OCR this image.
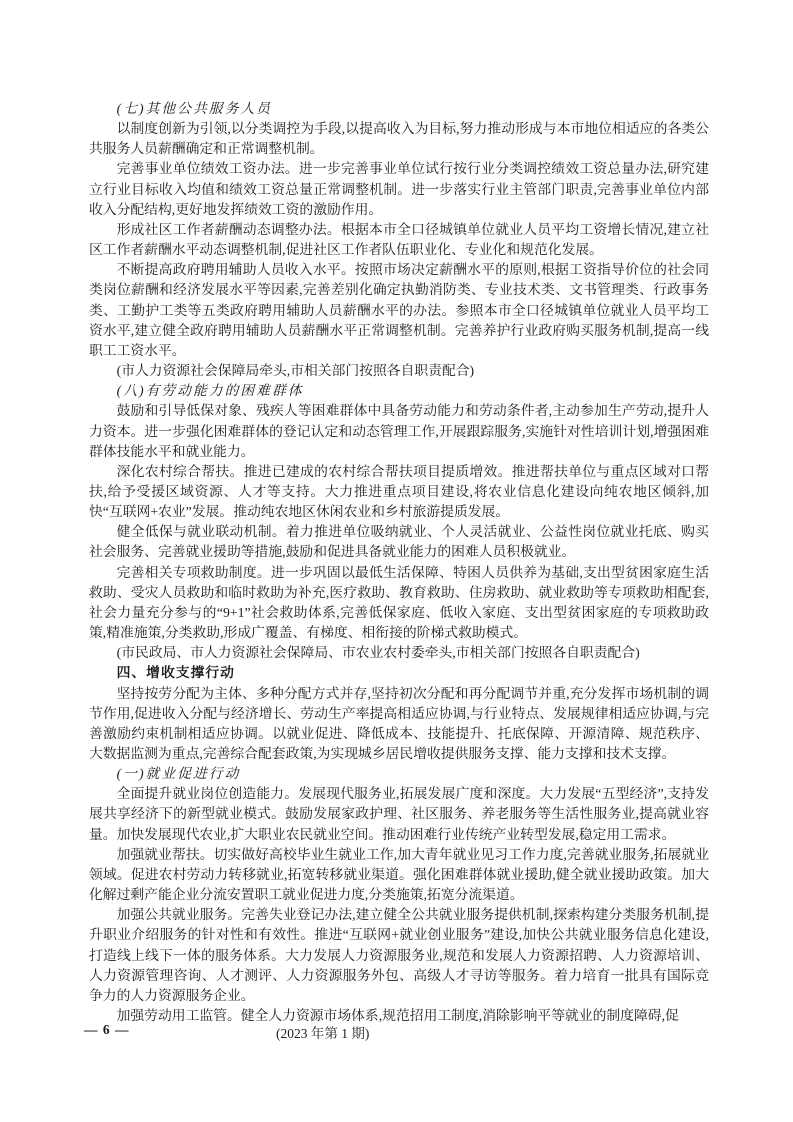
(七)其他公共服务人员

以制度创新为引领,以分类调控为手段,以提高收入为目标,努力推动形成与本市地位相适应的各类公共服务人员薪酬确定和正常调整机制。

完善事业单位绩效工资办法。进一步完善事业单位试行按行业分类调控绩效工资总量办法,研究建立行业目标收入均值和绩效工资总量正常调整机制。进一步落实行业主管部门职责,完善事业单位内部收入分配结构,更好地发挥绩效工资的激励作用。

形成社区工作者薪酬动态调整办法。根据本市全口径城镇单位就业人员平均工资增长情况,建立社区工作者薪酬水平动态调整机制,促进社区工作者队伍职业化、专业化和规范化发展。

不断提高政府聘用辅助人员收入水平。按照市场决定薪酬水平的原则,根据工资指导价位的社会同类岗位薪酬和经济发展水平等因素,完善差别化确定执勤消防类、专业技术类、文书管理类、行政事务类、工勤护工类等五类政府聘用辅助人员薪酬水平的办法。参照本市全口径城镇单位就业人员平均工资水平,建立健全政府聘用辅助人员薪酬水平正常调整机制。完善养护行业政府购买服务机制,提高一线职工工资水平。

(市人力资源社会保障局牵头,市相关部门按照各自职责配合)

(八)有劳动能力的困难群体

鼓励和引导低保对象、残疾人等困难群体中具备劳动能力和劳动条件者,主动参加生产劳动,提升人力资本。进一步强化困难群体的登记认定和动态管理工作,开展跟踪服务,实施针对性培训计划,增强困难群体技能水平和就业能力。

深化农村综合帮扶。推进已建成的农村综合帮扶项目提质增效。推进帮扶单位与重点区域对口帮扶,给予受援区域资源、人才等支持。大力推进重点项目建设,将农业信息化建设向纯农地区倾斜,加快“互联网+农业”发展。推动纯农地区休闲农业和乡村旅游提质发展。

健全低保与就业联动机制。着力推进单位吸纳就业、个人灵活就业、公益性岗位就业托底、购买社会服务、完善就业援助等措施,鼓励和促进具备就业能力的困难人员积极就业。

完善相关专项救助制度。进一步巩固以最低生活保障、特困人员供养为基础,支出型贫困家庭生活救助、受灾人员救助和临时救助为补充,医疗救助、教育救助、住房救助、就业救助等专项救助相配套,社会力量充分参与的“9+1”社会救助体系,完善低保家庭、低收入家庭、支出型贫困家庭的专项救助政策,精准施策,分类救助,形成广覆盖、有梯度、相衔接的阶梯式救助模式。

(市民政局、市人力资源社会保障局、市农业农村委牵头,市相关部门按照各自职责配合)

四、增收支撑行动

坚持按劳分配为主体、多种分配方式并存,坚持初次分配和再分配调节并重,充分发挥市场机制的调节作用,促进收入分配与经济增长、劳动生产率提高相适应协调,与行业特点、发展规律相适应协调,与完善激励约束机制相适应协调。以就业促进、降低成本、技能提升、托底保障、开源清障、规范秩序、大数据监测为重点,完善综合配套政策,为实现城乡居民增收提供服务支撑、能力支撑和技术支撑。

(一)就业促进行动

全面提升就业岗位创造能力。发展现代服务业,拓展发展广度和深度。大力发展“五型经济”,支持发展共享经济下的新型就业模式。鼓励发展家政护理、社区服务、养老服务等生活性服务业,提高就业容量。加快发展现代农业,扩大职业农民就业空间。推动困难行业传统产业转型发展,稳定用工需求。

加强就业帮扶。切实做好高校毕业生就业工作,加大青年就业见习工作力度,完善就业服务,拓展就业领域。促进农村劳动力转移就业,拓宽转移就业渠道。强化困难群体就业援助,健全就业援助政策。加大化解过剩产能企业分流安置职工就业促进力度,分类施策,拓宽分流渠道。

加强公共就业服务。完善失业登记办法,建立健全公共就业服务提供机制,探索构建分类服务机制,提升职业介绍服务的针对性和有效性。推进“互联网+就业创业服务”建设,加快公共就业服务信息化建设,打造线上线下一体的服务体系。大力发展人力资源服务业,规范和发展人力资源招聘、人力资源培训、人力资源管理咨询、人才测评、人力资源服务外包、高级人才寻访等服务。着力培育一批具有国际竞争力的人力资源服务企业。

加强劳动用工监管。健全人力资源市场体系,规范招用工制度,消除影响平等就业的制度障碍,促

— 6 —	(2023 年第 1 期)
